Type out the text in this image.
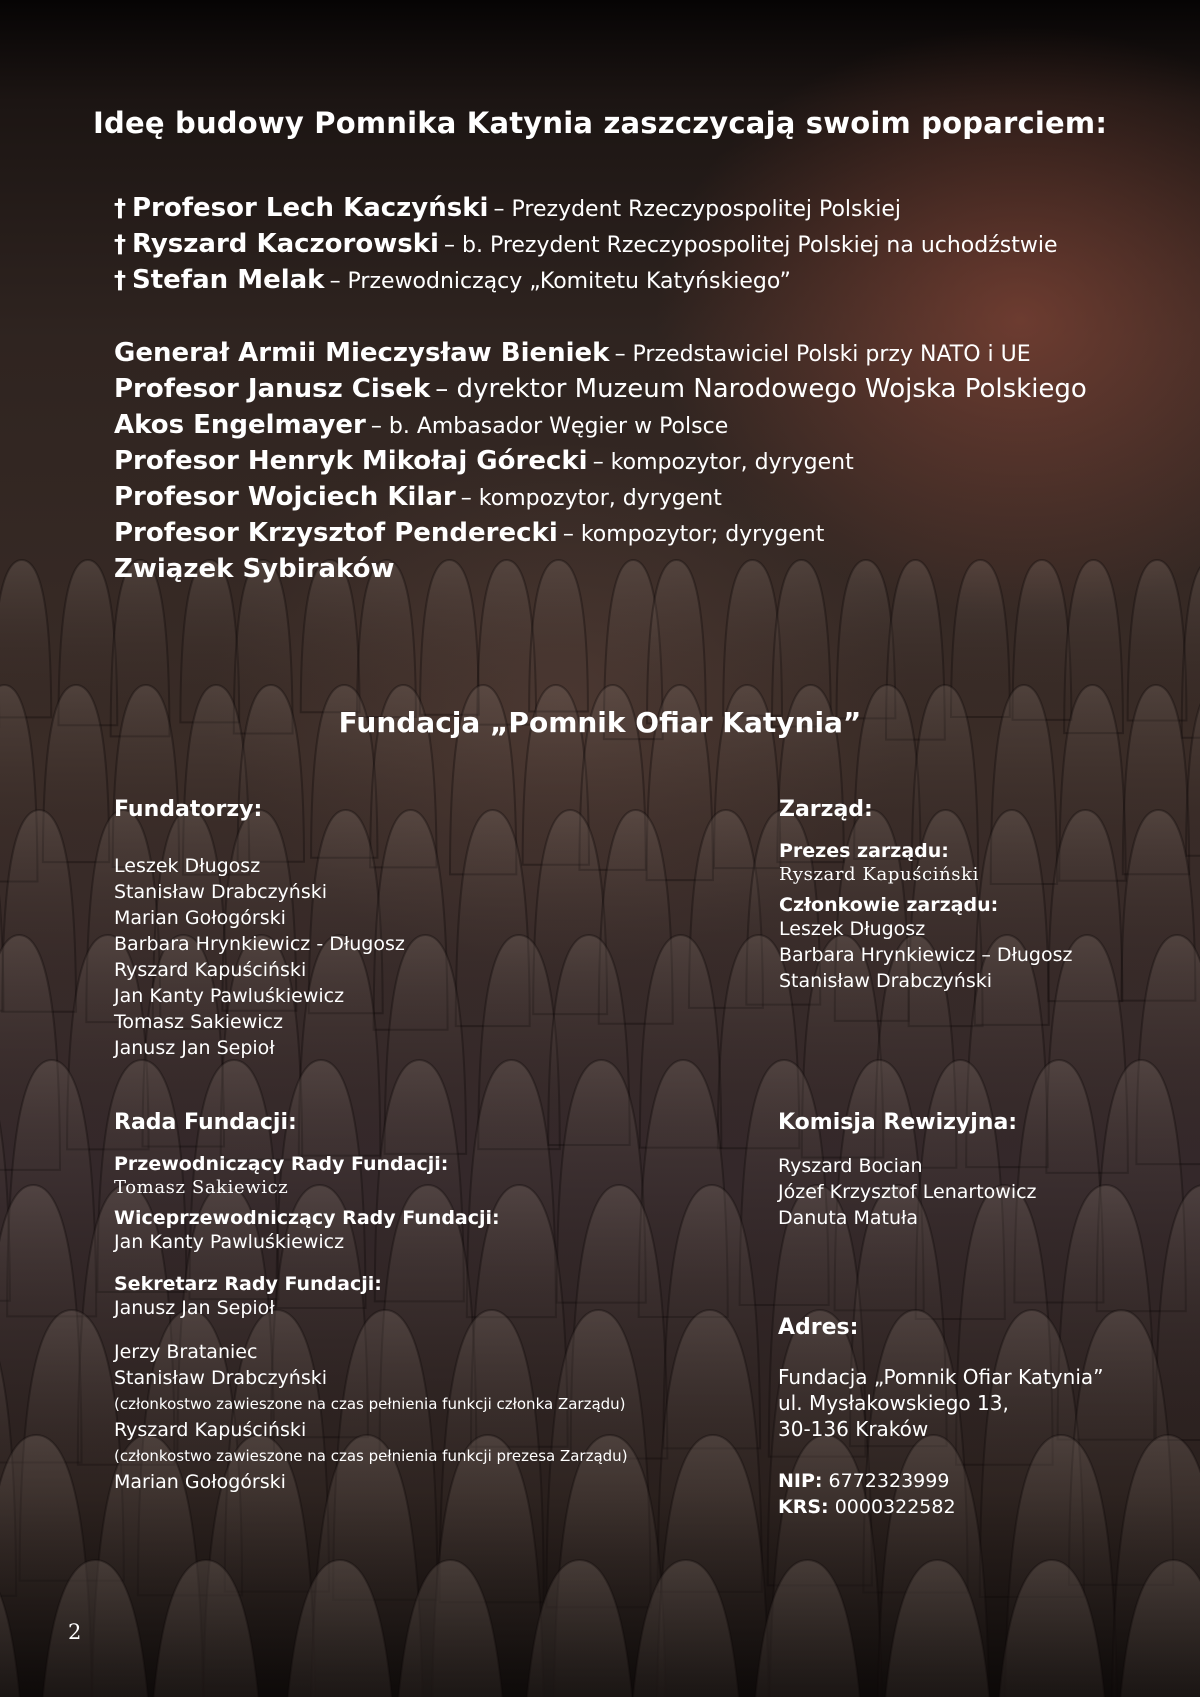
Ideę budowy Pomnika Katynia zaszczycają swoim poparciem:
† Profesor Lech Kaczyński – Prezydent Rzeczypospolitej Polskiej
† Ryszard Kaczorowski – b. Prezydent Rzeczypospolitej Polskiej na uchodźstwie
† Stefan Melak – Przewodniczący „Komitetu Katyńskiego”
Generał Armii Mieczysław Bieniek – Przedstawiciel Polski przy NATO i UE
Profesor Janusz Cisek – dyrektor Muzeum Narodowego Wojska Polskiego
Akos Engelmayer – b. Ambasador Węgier w Polsce
Profesor Henryk Mikołaj Górecki – kompozytor, dyrygent
Profesor Wojciech Kilar – kompozytor, dyrygent
Profesor Krzysztof Penderecki – kompozytor; dyrygent
Związek Sybiraków
Fundacja „Pomnik Ofiar Katynia”
Fundatorzy:
Leszek Długosz
Stanisław Drabczyński
Marian Gołogórski
Barbara Hrynkiewicz - Długosz
Ryszard Kapuściński
Jan Kanty Pawluśkiewicz
Tomasz Sakiewicz
Janusz Jan Sepioł
Zarząd:
Prezes zarządu:
Ryszard Kapuściński
Członkowie zarządu:
Leszek Długosz
Barbara Hrynkiewicz – Długosz
Stanisław Drabczyński
Rada Fundacji:
Przewodniczący Rady Fundacji:
Tomasz Sakiewicz
Wiceprzewodniczący Rady Fundacji:
Jan Kanty Pawluśkiewicz
Sekretarz Rady Fundacji:
Janusz Jan Sepioł
Jerzy Brataniec
Stanisław Drabczyński
(członkostwo zawieszone na czas pełnienia funkcji członka Zarządu)
Ryszard Kapuściński
(członkostwo zawieszone na czas pełnienia funkcji prezesa Zarządu)
Marian Gołogórski
Komisja Rewizyjna:
Ryszard Bocian
Józef Krzysztof Lenartowicz
Danuta Matuła
Adres:
Fundacja „Pomnik Ofiar Katynia”
ul. Mysłakowskiego 13,
30-136 Kraków
NIP: 6772323999
KRS: 0000322582
2
